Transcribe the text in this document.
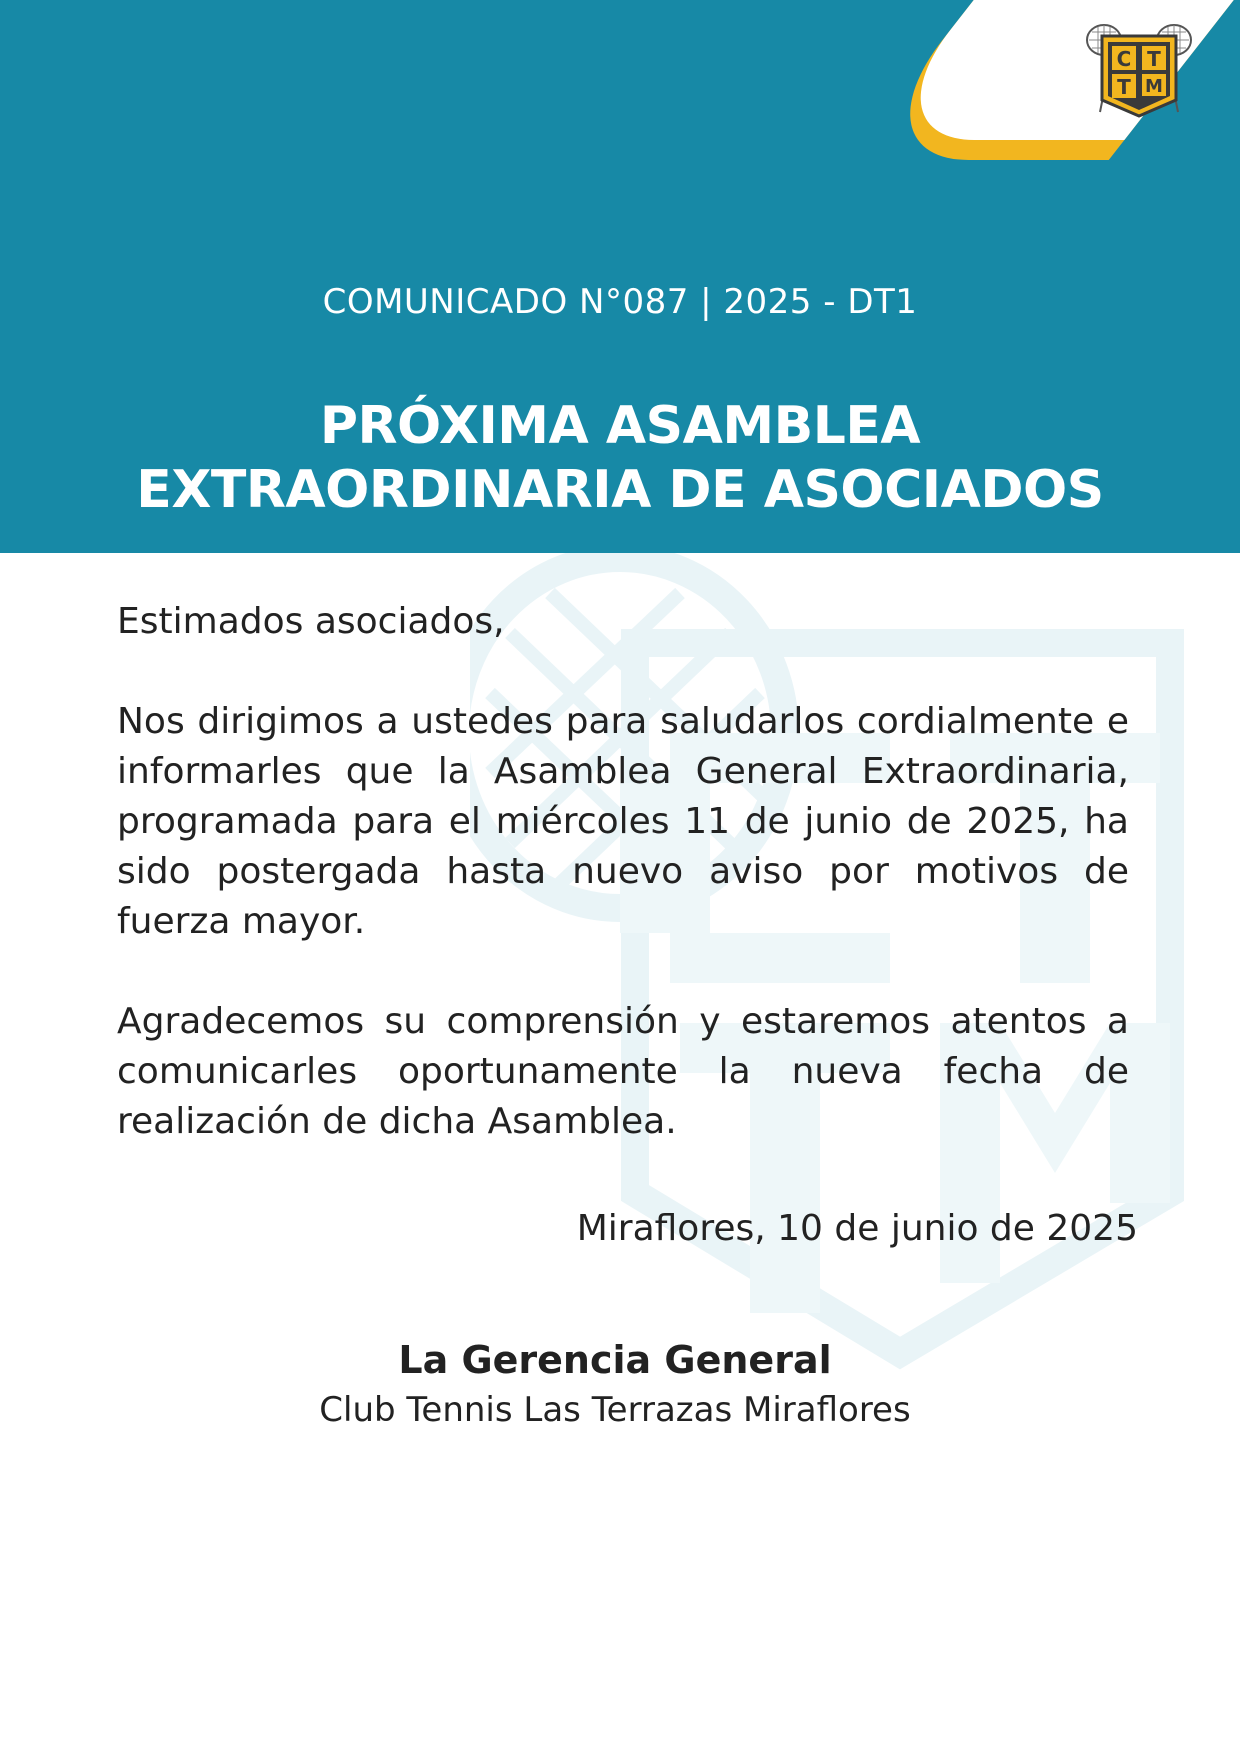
C T
T M
COMUNICADO N°087 | 2025 - DT1
PRÓXIMA ASAMBLEA
EXTRAORDINARIA DE ASOCIADOS

Estimados asociados,

Nos dirigimos a ustedes para saludarlos cordialmente e informarles que la Asamblea General Extraordinaria, programada para el miércoles 11 de junio de 2025, ha sido postergada hasta nuevo aviso por motivos de fuerza mayor.

Agradecemos su comprensión y estaremos atentos a comunicarles oportunamente la nueva fecha de realización de dicha Asamblea.

Miraflores, 10 de junio de 2025
La Gerencia General
Club Tennis Las Terrazas Miraflores
